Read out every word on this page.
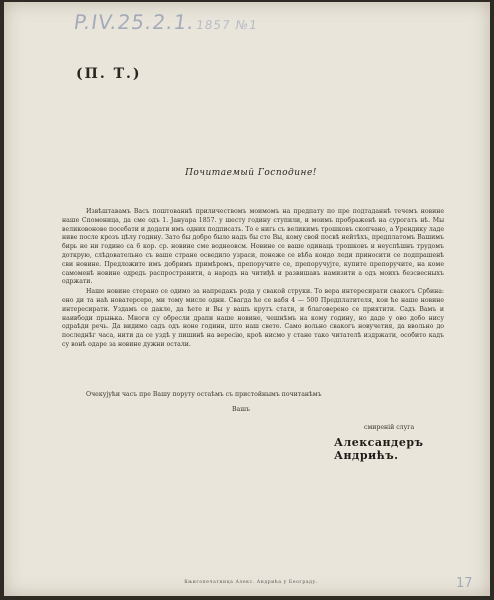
P.IV.25.2.1.1857 №1
(П. Т.)
Почитаемый Господине!

Извѣштавамъ Васъ поштованнѣ приличествомъ моимомъ на предпату по пре подтаданнѣ течемъ новине наше Споменица, да сме одъ 1. Јануара 1857. у шесту годину ступили, и моимъ прображенѣ на сурогать нѣ. Мы великовонове посебати и додати имъ одних подписать. То е нигь съ великимъ трошковъ скопчано, а Урендику ладе ниве после крозъ цѣлу годину. Зато бы добро было надъ бы сте Вы, кому свой посвѣ нейтѣхъ, предплатомъ Вашимъ бирь не ни годино са 6 кор. ср. новине сме воднеовсм. Новине се ваше одинаць трошковъ и неуспѣшнъ трудомъ доткрую, слѣдовательно съ ваше стране осведило узраси, понеже се вѣба кондо леди приносити се подпрашенѣ сви новине. Предложите имъ добримъ примѣромъ, препоручите се, препоручујте, купите препоручите, на коме самоменѣ новине одредъ распространити, а народъ на читиђѣ и развишавъ намизити а одъ моихъ безсвесныхъ одржати.

Наше новине стерано се одимо за напредакъ рода у свакой струки. То вера интересирати свакогъ Србина: ено ди та наћ новатерсеро, ми тому мисле одни. Свагда ће се вабя 4 — 500 Предплатителя, кои ће наше новине интересирати. Уздамъ се дакле, да ћете и Вы у вашъ крутъ стати, и благоверено се приятити. Садъ Вамъ и наивбоди прыњка. Многи су обресли драпи наше новине, чешнѣмъ на кому годину, но даде у ово добо нису одраѣди речь. Да видимо садъ одъ ноне годинн, што наш свете. Само вольно свакогъ новучетия, да ввольно до последнѣг часа, нити да се уздѣ у пишинѣ на вересію, кроѣ нисмо у стане тако читателѣ издржати, особито кадъ су вонѣ одаре за новине дужни остали.

Очекујући часъ пре Вашу поруту остаѣмъ съ пристойнымъ почитанѣмъ
Вашъ
смиреній слуга
Александеръ Андрићъ.
Књигопечатница Алекс. Андрића у Београду.	17
